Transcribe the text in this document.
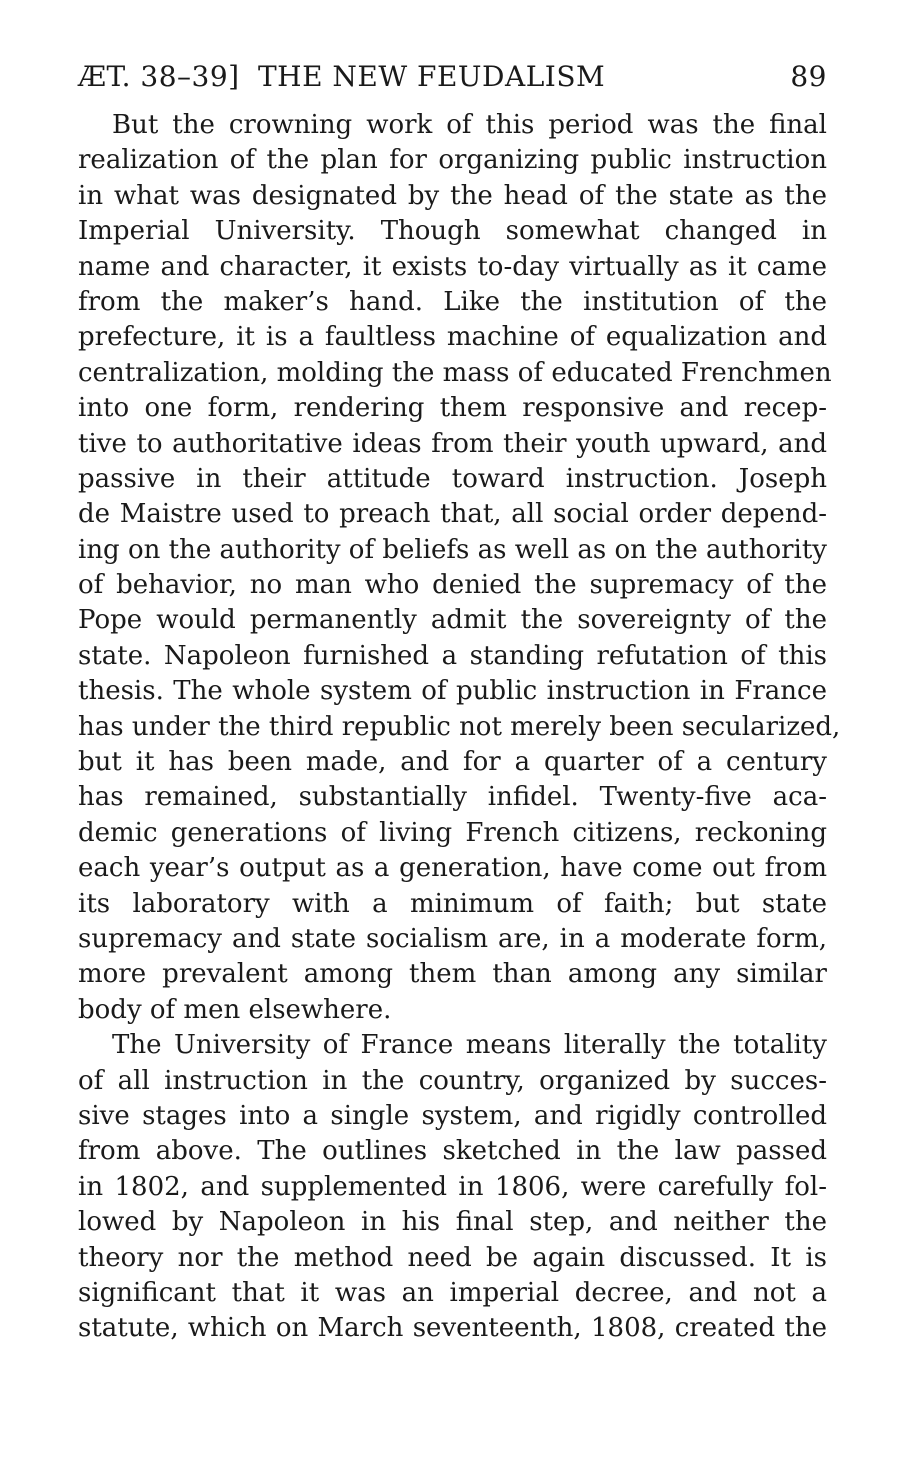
ÆT. 38–39] THE NEW FEUDALISM	89
But the crowning work of this period was the final
realization of the plan for organizing public instruction
in what was designated by the head of the state as the
Imperial University. Though somewhat changed in
name and character, it exists to-day virtually as it came
from the maker’s hand. Like the institution of the
prefecture, it is a faultless machine of equalization and
centralization, molding the mass of educated Frenchmen
into one form, rendering them responsive and recep-
tive to authoritative ideas from their youth upward, and
passive in their attitude toward instruction. Joseph
de Maistre used to preach that, all social order depend-
ing on the authority of beliefs as well as on the authority
of behavior, no man who denied the supremacy of the
Pope would permanently admit the sovereignty of the
state. Napoleon furnished a standing refutation of this
thesis. The whole system of public instruction in France
has under the third republic not merely been secularized,
but it has been made, and for a quarter of a century
has remained, substantially infidel. Twenty-five aca-
demic generations of living French citizens, reckoning
each year’s output as a generation, have come out from
its laboratory with a minimum of faith; but state
supremacy and state socialism are, in a moderate form,
more prevalent among them than among any similar
body of men elsewhere.
The University of France means literally the totality
of all instruction in the country, organized by succes-
sive stages into a single system, and rigidly controlled
from above. The outlines sketched in the law passed
in 1802, and supplemented in 1806, were carefully fol-
lowed by Napoleon in his final step, and neither the
theory nor the method need be again discussed. It is
significant that it was an imperial decree, and not a
statute, which on March seventeenth, 1808, created the
